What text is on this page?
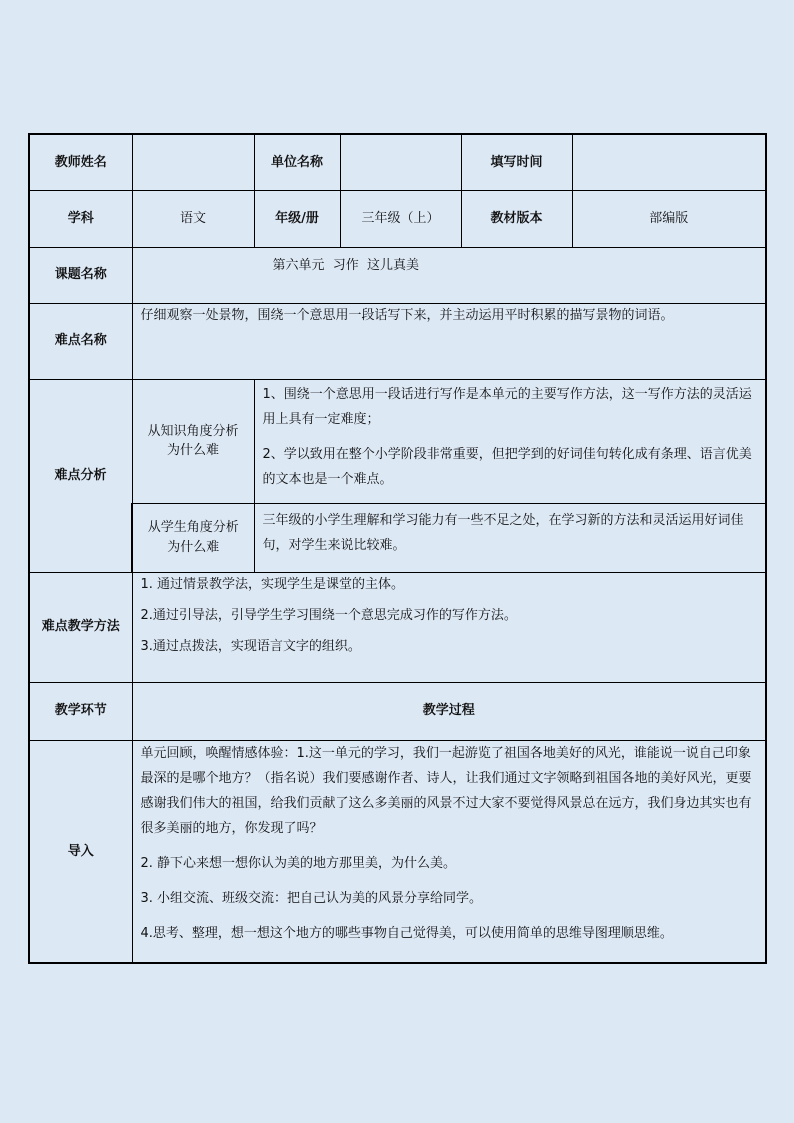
教师姓名		单位名称		填写时间	
学科	语文	年级/册	三年级（上）	教材版本	部编版
课题名称	第六单元  习作  这儿真美				
难点名称	仔细观察一处景物，围绕一个意思用一段话写下来，并主动运用平时积累的描写景物的词语。				
难点分析	从知识角度分析为什么难	1、围绕一个意思用一段话进行写作是本单元的主要写作方法，这一写作方法的灵活运用上具有一定难度；

2、学以致用在整个小学阶段非常重要，但把学到的好词佳句转化成有条理、语言优美的文本也是一个难点。			

	从学生角度分析为什么难	三年级的小学生理解和学习能力有一些不足之处，在学习新的方法和灵活运用好词佳句，对学生来说比较难。			

难点教学方法	1. 通过情景教学法，实现学生是课堂的主体。

2.通过引导法，引导学生学习围绕一个意思完成习作的写作方法。

3.通过点拨法，实现语言文字的组织。				

教学环节	教学过程				
导入	单元回顾，唤醒情感体验：1.这一单元的学习，我们一起游览了祖国各地美好的风光，谁能说一说自己印象最深的是哪个地方？（指名说）我们要感谢作者、诗人，让我们通过文字领略到祖国各地的美好风光，更要感谢我们伟大的祖国，给我们贡献了这么多美丽的风景不过大家不要觉得风景总在远方，我们身边其实也有很多美丽的地方，你发现了吗？

2. 静下心来想一想你认为美的地方那里美，为什么美。

3. 小组交流、班级交流：把自己认为美的风景分享给同学。

4.思考、整理，想一想这个地方的哪些事物自己觉得美，可以使用简单的思维导图理顺思维。				
